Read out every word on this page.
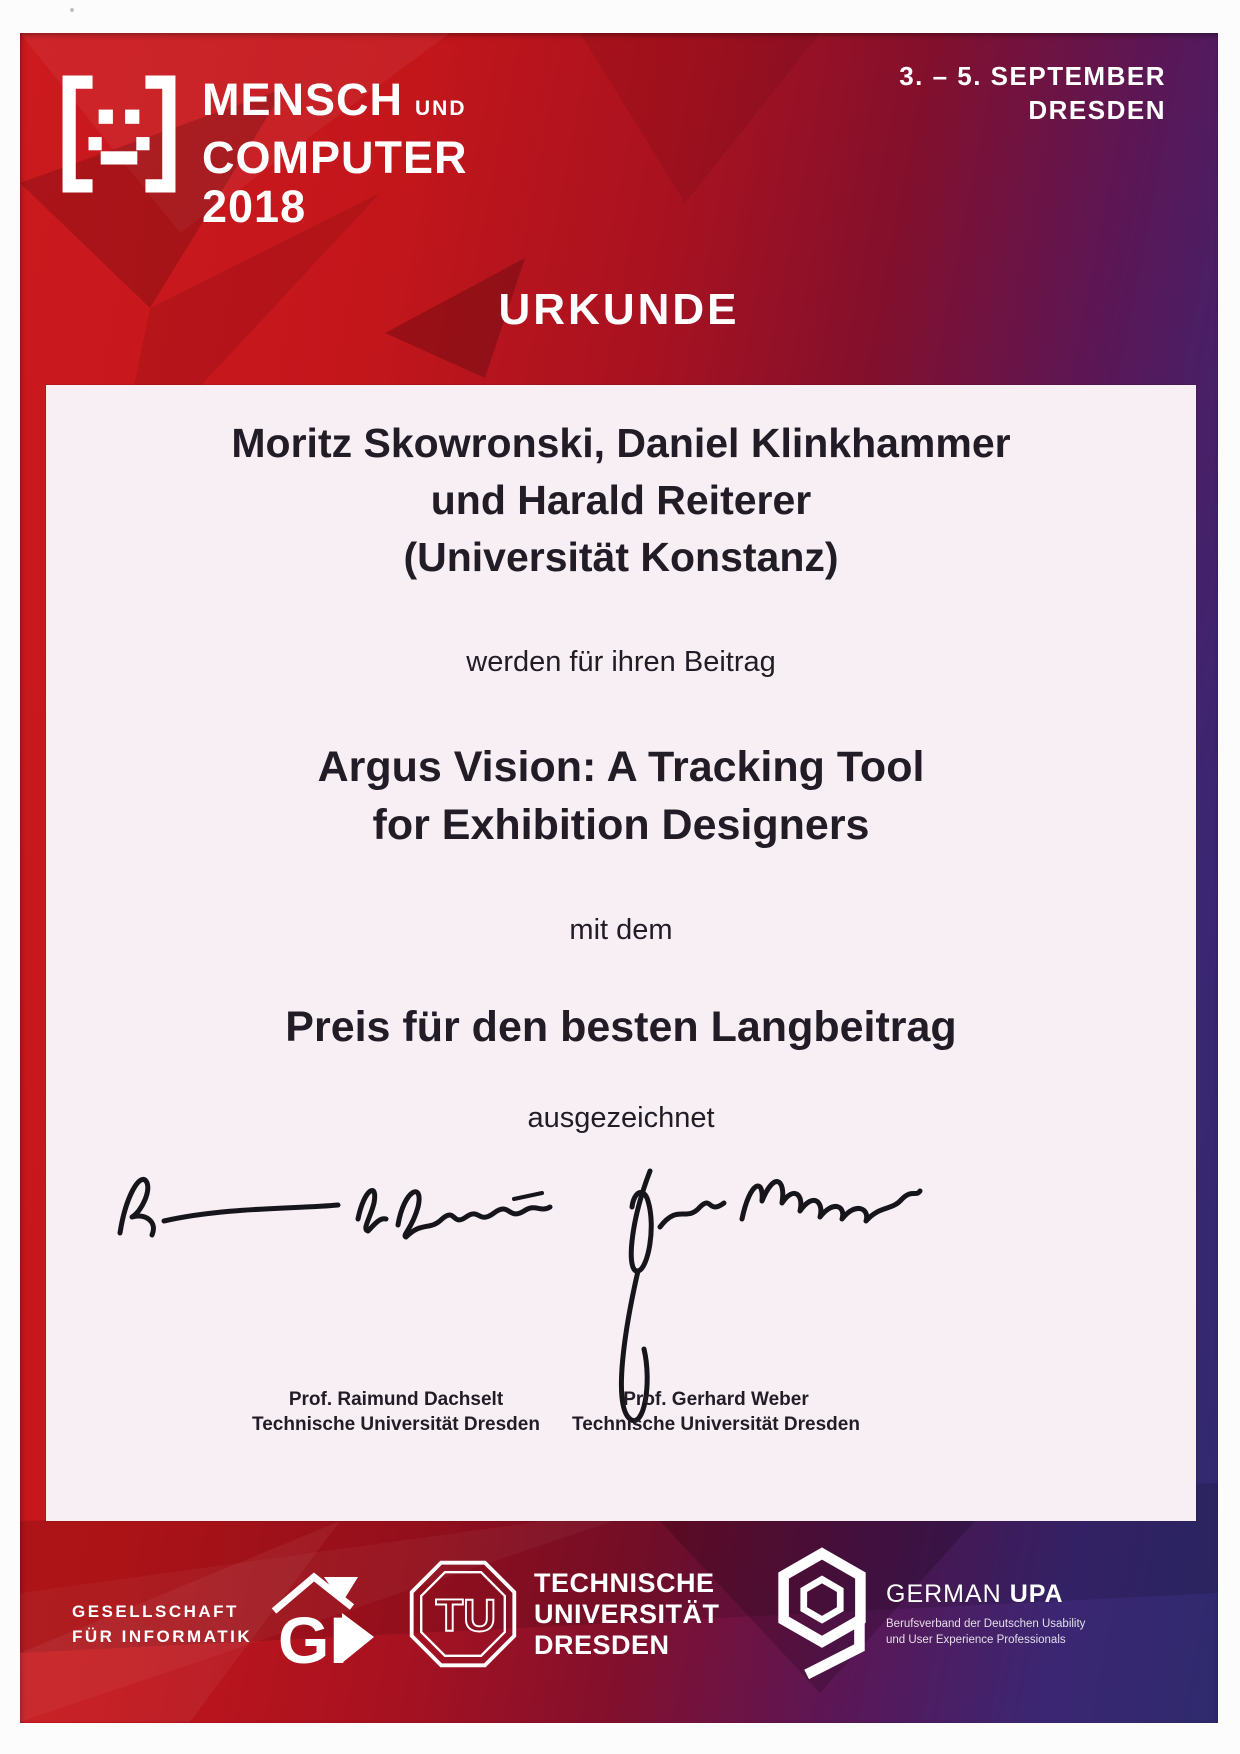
MENSCH UND
COMPUTER
2018
3. – 5. SEPTEMBER
DRESDEN
URKUNDE
Moritz Skowronski, Daniel Klinkhammer
und Harald Reiterer
(Universität Konstanz)
werden für ihren Beitrag
Argus Vision: A Tracking Tool
for Exhibition Designers
mit dem
Preis für den besten Langbeitrag
ausgezeichnet
Prof. Raimund Dachselt
Technische Universität Dresden
Prof. Gerhard Weber
Technische Universität Dresden
GESELLSCHAFT
FÜR INFORMATIK GI TU
TECHNISCHE
UNIVERSITÄT
DRESDEN
GERMAN UPA
Berufsverband der Deutschen Usability
und User Experience Professionals
